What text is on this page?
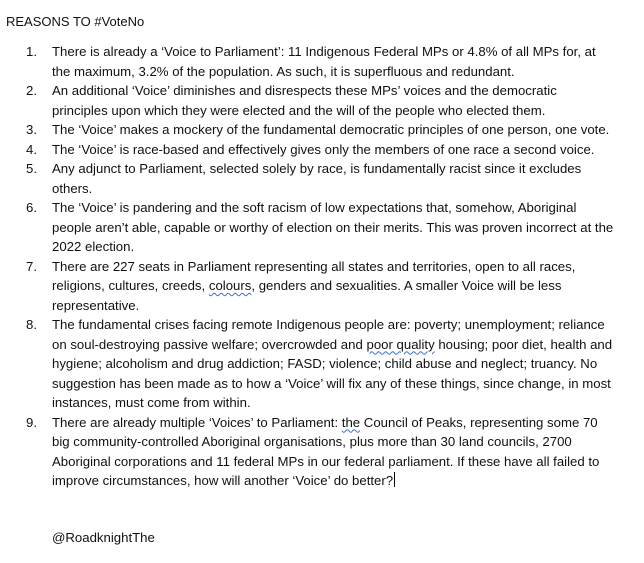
REASONS TO #VoteNo
1. There is already a ‘Voice to Parliament’: 11 Indigenous Federal MPs or 4.8% of all MPs for, at the maximum, 3.2% of the population. As such, it is superfluous and redundant.
2. An additional ‘Voice’ diminishes and disrespects these MPs’ voices and the democratic principles upon which they were elected and the will of the people who elected them.
3. The ‘Voice’ makes a mockery of the fundamental democratic principles of one person, one vote.
4. The ‘Voice’ is race-based and effectively gives only the members of one race a second voice.
5. Any adjunct to Parliament, selected solely by race, is fundamentally racist since it excludes others.
6. The ‘Voice’ is pandering and the soft racism of low expectations that, somehow, Aboriginal people aren’t able, capable or worthy of election on their merits. This was proven incorrect at the 2022 election.
7. There are 227 seats in Parliament representing all states and territories, open to all races, religions, cultures, creeds, colours, genders and sexualities. A smaller Voice will be less representative.
8. The fundamental crises facing remote Indigenous people are: poverty; unemployment; reliance on soul-destroying passive welfare; overcrowded and poor quality housing; poor diet, health and hygiene; alcoholism and drug addiction; FASD; violence; child abuse and neglect; truancy. No suggestion has been made as to how a ‘Voice’ will fix any of these things, since change, in most instances, must come from within.
9. There are already multiple ‘Voices’ to Parliament: the Council of Peaks, representing some 70 big community-controlled Aboriginal organisations, plus more than 30 land councils, 2700 Aboriginal corporations and 11 federal MPs in our federal parliament. If these have all failed to improve circumstances, how will another ‘Voice’ do better?
@RoadknightThe
